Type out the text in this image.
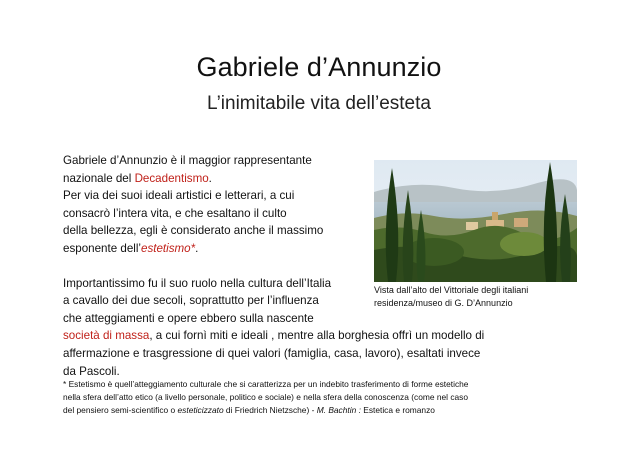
Gabriele d’Annunzio
L’inimitabile vita dell’esteta
Gabriele d’Annunzio è il maggior rappresentante
nazionale del Decadentismo.
Per via dei suoi ideali artistici e letterari, a cui
consacrò l’intera vita, e che esaltano il culto
della bellezza, egli è considerato anche il massimo
esponente dell’estetismo*.
Importantissimo fu il suo ruolo nella cultura dell’Italia
a cavallo dei due secoli, soprattutto per l’influenza
che atteggiamenti e opere ebbero sulla nascente
società di massa, a cui fornì miti e ideali , mentre alla borghesia offrì un modello di
affermazione e trasgressione di quei valori (famiglia, casa, lavoro), esaltati invece
da Pascoli.
Vista dall’alto del Vittoriale degli italiani
residenza/museo di G. D’Annunzio
* Estetismo è quell’atteggiamento culturale che si caratterizza per un indebito trasferimento di forme estetiche
nella sfera dell’atto etico (a livello personale, politico e sociale) e nella sfera della conoscenza (come nel caso
del pensiero semi-scientifico o esteticizzato di Friedrich Nietzsche) - M. Bachtin : Estetica e romanzo
